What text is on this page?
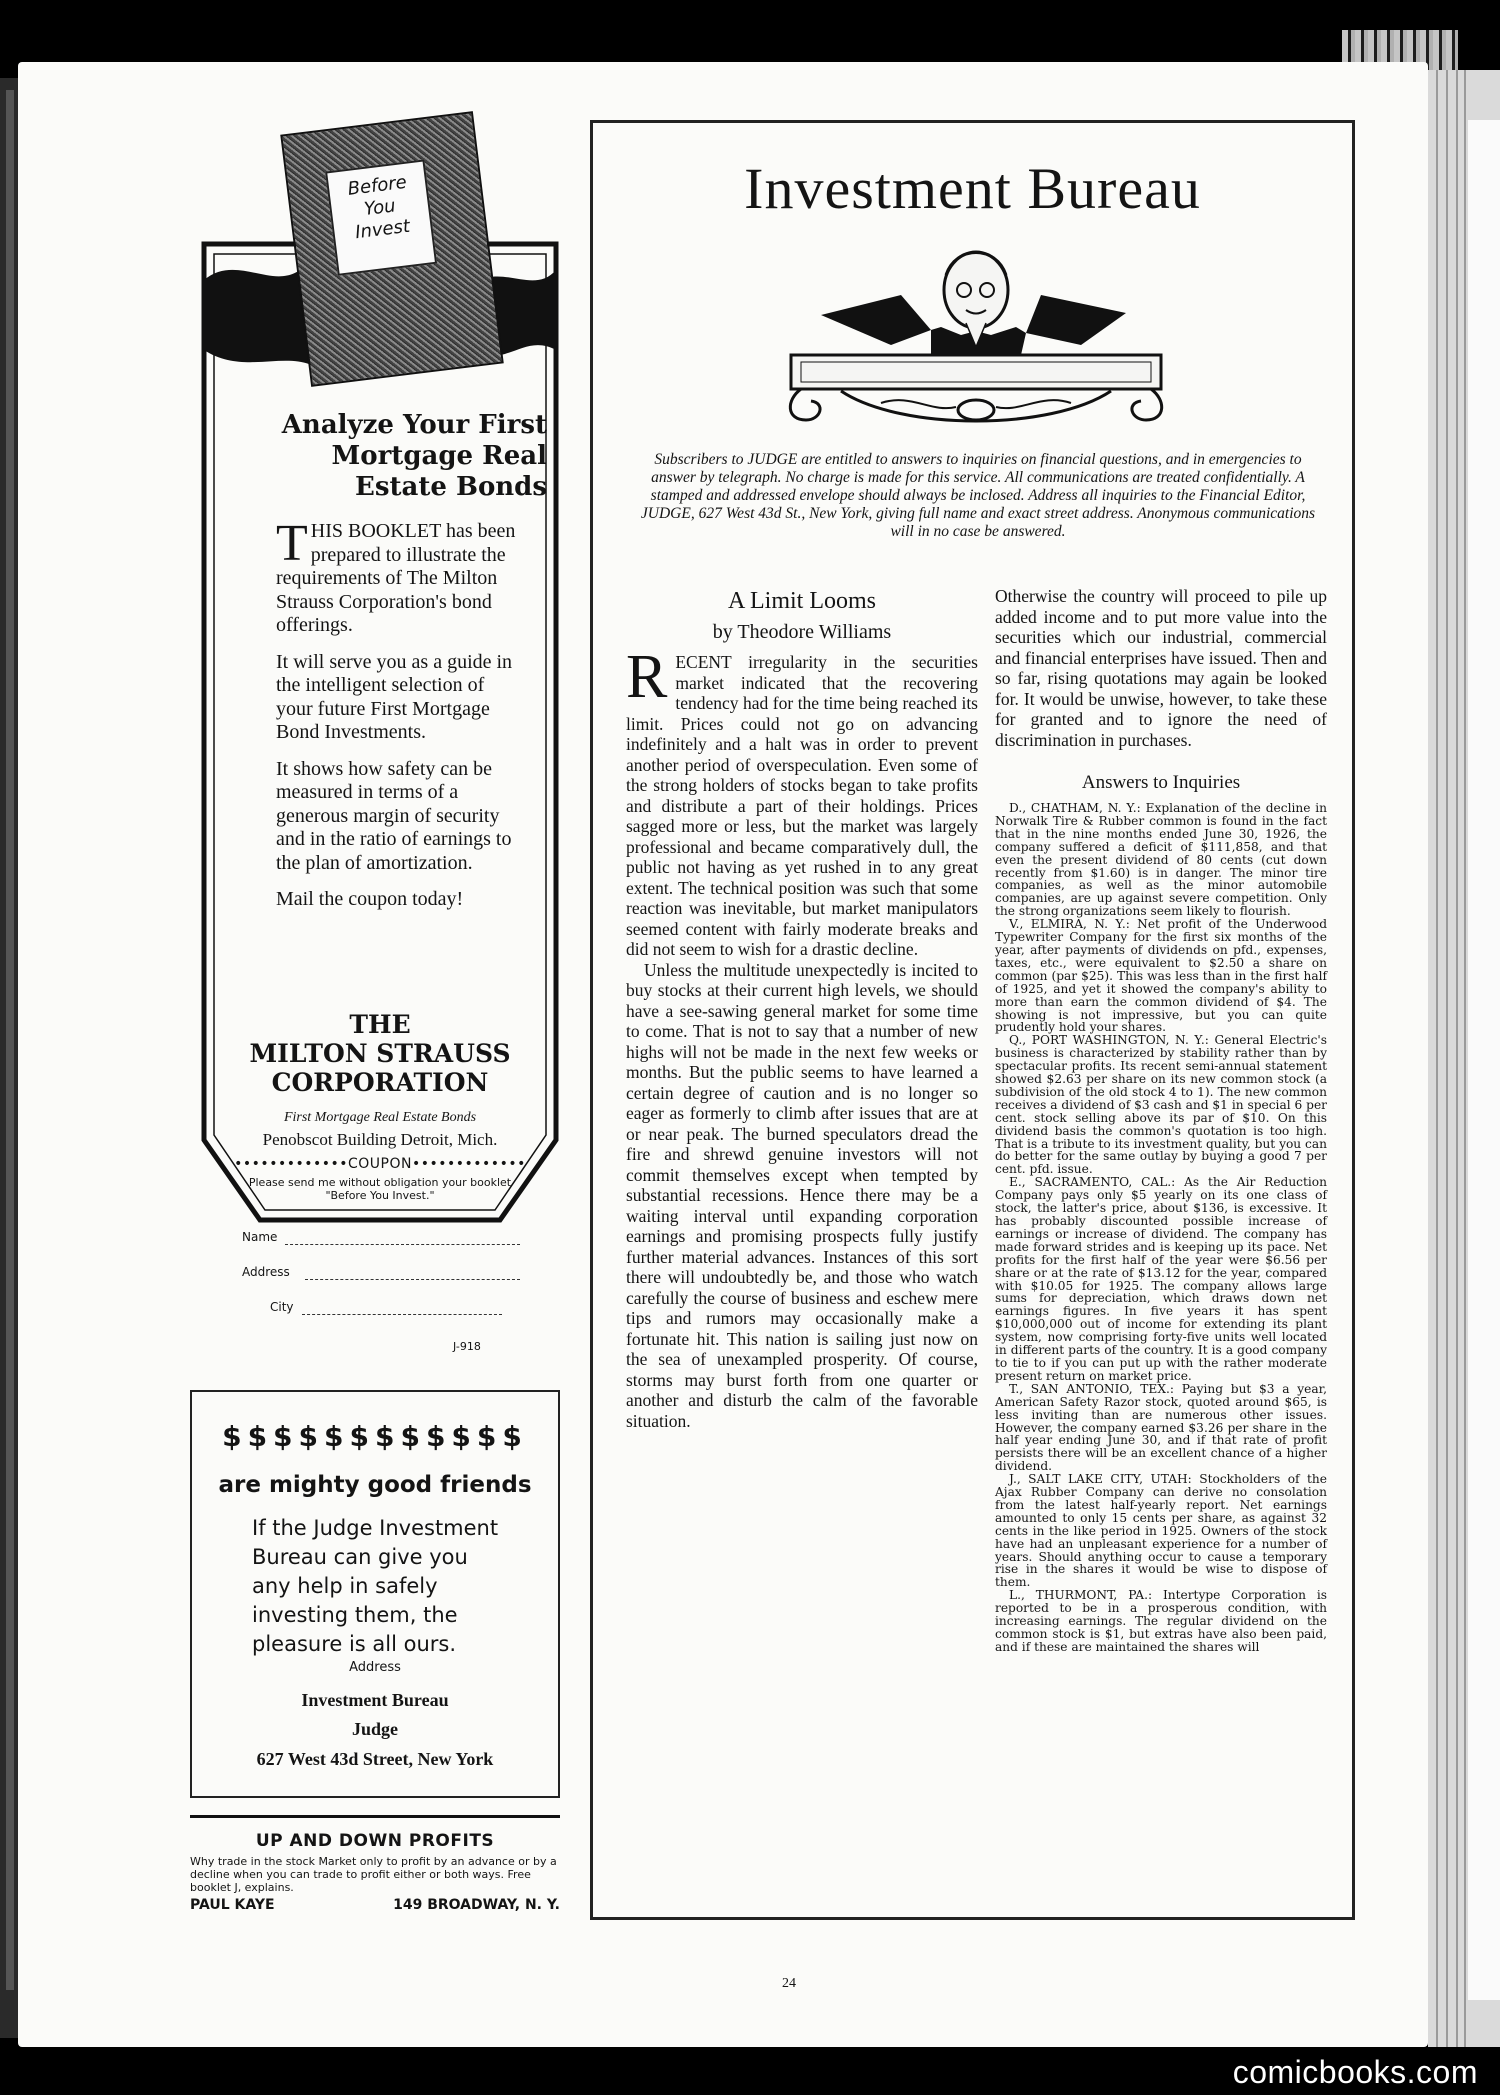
Before
You
Invest
Analyze Your First
Mortgage Real
Estate Bonds

THIS BOOKLET has been prepared to illustrate the requirements of The Milton Strauss Corporation's bond offerings.

It will serve you as a guide in the intelligent selection of your future First Mortgage Bond Investments.

It shows how safety can be measured in terms of a generous margin of security and in the ratio of earnings to the plan of amortization.

Mail the coupon today!

THE
MILTON STRAUSS
CORPORATION
First Mortgage Real Estate Bonds
Penobscot Building Detroit, Mich.
•••••••••••••COUPON•••••••••••••
Please send me without obligation your booklet "Before You Invest."
Name
Address
City
J-918
$$$$$$$$$$$$
are mighty good friends
If the Judge Investment Bureau can give you any help in safely investing them, the pleasure is all ours.
Address
Investment Bureau
Judge
627 West 43d Street, New York
UP AND DOWN PROFITS
Why trade in the stock Market only to profit by an advance or by a decline when you can trade to profit either or both ways. Free booklet J, explains.
PAUL KAYE	149 BROADWAY, N. Y.
Investment Bureau
Subscribers to JUDGE are entitled to answers to inquiries on financial questions, and in emergencies to answer by telegraph. No charge is made for this service. All communications are treated confidentially. A stamped and addressed envelope should always be inclosed. Address all inquiries to the Financial Editor, JUDGE, 627 West 43d St., New York, giving full name and exact street address. Anonymous communications will in no case be answered.
A Limit Looms
by Theodore Williams
RECENT irregularity in the securities market indicated that the recovering tendency had for the time being reached its limit. Prices could not go on advancing indefinitely and a halt was in order to prevent another period of overspeculation. Even some of the strong holders of stocks began to take profits and distribute a part of their holdings. Prices sagged more or less, but the market was largely professional and became comparatively dull, the public not having as yet rushed in to any great extent. The technical position was such that some reaction was inevitable, but market manipulators seemed content with fairly moderate breaks and did not seem to wish for a drastic decline.
Unless the multitude unexpectedly is incited to buy stocks at their current high levels, we should have a see-sawing general market for some time to come. That is not to say that a number of new highs will not be made in the next few weeks or months. But the public seems to have learned a certain degree of caution and is no longer so eager as formerly to climb after issues that are at or near peak. The burned speculators dread the fire and shrewd genuine investors will not commit themselves except when tempted by substantial recessions. Hence there may be a waiting interval until expanding corporation earnings and promising prospects fully justify further material advances. Instances of this sort there will undoubtedly be, and those who watch carefully the course of business and eschew mere tips and rumors may occasionally make a fortunate hit. This nation is sailing just now on the sea of unexampled prosperity. Of course, storms may burst forth from one quarter or another and disturb the calm of the favorable situation.
Otherwise the country will proceed to pile up added income and to put more value into the securities which our industrial, commercial and financial enterprises have issued. Then and so far, rising quotations may again be looked for. It would be unwise, however, to take these for granted and to ignore the need of discrimination in purchases.
Answers to Inquiries

D., CHATHAM, N. Y.: Explanation of the decline in Norwalk Tire & Rubber common is found in the fact that in the nine months ended June 30, 1926, the company suffered a deficit of $111,858, and that even the present dividend of 80 cents (cut down recently from $1.60) is in danger. The minor tire companies, as well as the minor automobile companies, are up against severe competition. Only the strong organizations seem likely to flourish.

V., ELMIRA, N. Y.: Net profit of the Underwood Typewriter Company for the first six months of the year, after payments of dividends on pfd., expenses, taxes, etc., were equivalent to $2.50 a share on common (par $25). This was less than in the first half of 1925, and yet it showed the company's ability to more than earn the common dividend of $4. The showing is not impressive, but you can quite prudently hold your shares.

Q., PORT WASHINGTON, N. Y.: General Electric's business is characterized by stability rather than by spectacular profits. Its recent semi-annual statement showed $2.63 per share on its new common stock (a subdivision of the old stock 4 to 1). The new common receives a dividend of $3 cash and $1 in special 6 per cent. stock selling above its par of $10. On this dividend basis the common's quotation is too high. That is a tribute to its investment quality, but you can do better for the same outlay by buying a good 7 per cent. pfd. issue.

E., SACRAMENTO, CAL.: As the Air Reduction Company pays only $5 yearly on its one class of stock, the latter's price, about $136, is excessive. It has probably discounted possible increase of earnings or increase of dividend. The company has made forward strides and is keeping up its pace. Net profits for the first half of the year were $6.56 per share or at the rate of $13.12 for the year, compared with $10.05 for 1925. The company allows large sums for depreciation, which draws down net earnings figures. In five years it has spent $10,000,000 out of income for extending its plant system, now comprising forty-five units well located in different parts of the country. It is a good company to tie to if you can put up with the rather moderate present return on market price.

T., SAN ANTONIO, TEX.: Paying but $3 a year, American Safety Razor stock, quoted around $65, is less inviting than are numerous other issues. However, the company earned $3.26 per share in the half year ending June 30, and if that rate of profit persists there will be an excellent chance of a higher dividend.

J., SALT LAKE CITY, UTAH: Stockholders of the Ajax Rubber Company can derive no consolation from the latest half-yearly report. Net earnings amounted to only 15 cents per share, as against 32 cents in the like period in 1925. Owners of the stock have had an unpleasant experience for a number of years. Should anything occur to cause a temporary rise in the shares it would be wise to dispose of them.

L., THURMONT, PA.: Intertype Corporation is reported to be in a prosperous condition, with increasing earnings. The regular dividend on the common stock is $1, but extras have also been paid, and if these are maintained the shares will

24
comicbooks.com
